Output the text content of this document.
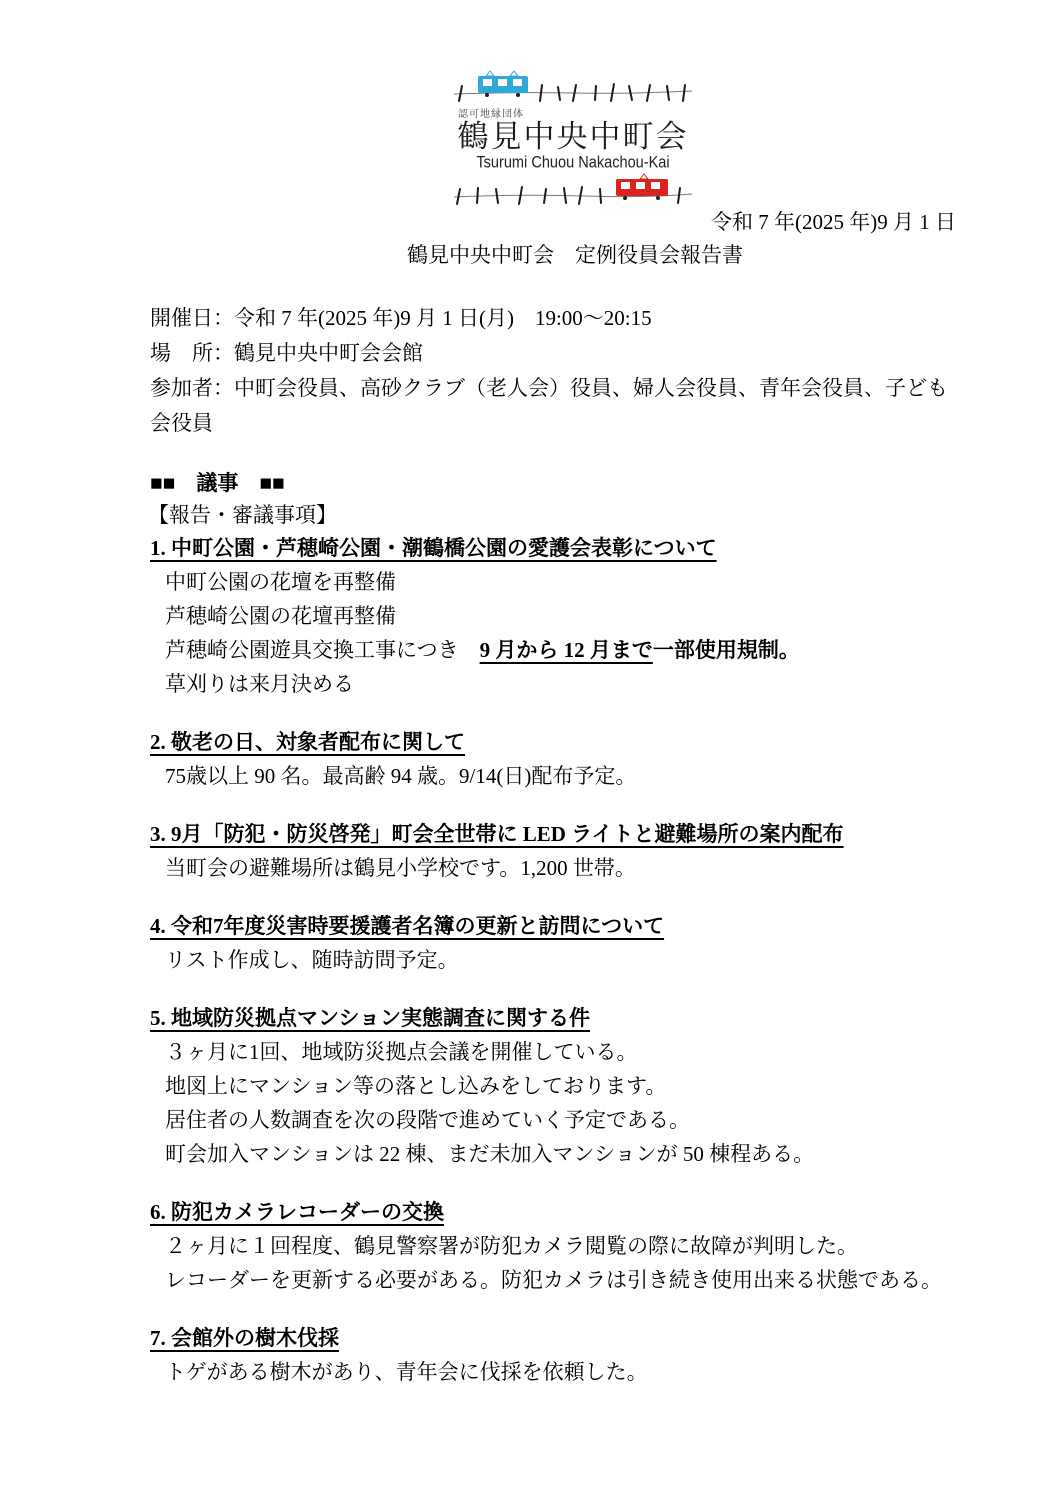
認可地縁団体
鶴見中央中町会
Tsurumi Chuou Nakachou-Kai
令和 7 年(2025 年)9 月 1 日
鶴見中央中町会　定例役員会報告書
開催日：令和 7 年(2025 年)9 月 1 日(月)　19:00～20:15
場　所：鶴見中央中町会会館
参加者：中町会役員、高砂クラブ（老人会）役員、婦人会役員、青年会役員、子ども会役員
■■　議事　■■
【報告・審議事項】
1. 中町公園・芦穂崎公園・潮鶴橋公園の愛護会表彰について
中町公園の花壇を再整備
芦穂崎公園の花壇再整備
芦穂崎公園遊具交換工事につき　9 月から 12 月まで一部使用規制。
草刈りは来月決める
2. 敬老の日、対象者配布に関して
75歳以上 90 名。最高齢 94 歳。9/14(日)配布予定。
3. 9月「防犯・防災啓発」町会全世帯に LED ライトと避難場所の案内配布
当町会の避難場所は鶴見小学校です。1,200 世帯。
4. 令和7年度災害時要援護者名簿の更新と訪問について
リスト作成し、随時訪問予定。
5. 地域防災拠点マンション実態調査に関する件
３ヶ月に1回、地域防災拠点会議を開催している。
地図上にマンション等の落とし込みをしております。
居住者の人数調査を次の段階で進めていく予定である。
町会加入マンションは 22 棟、まだ未加入マンションが 50 棟程ある。
6. 防犯カメラレコーダーの交換
２ヶ月に１回程度、鶴見警察署が防犯カメラ閲覧の際に故障が判明した。
レコーダーを更新する必要がある。防犯カメラは引き続き使用出来る状態である。
7. 会館外の樹木伐採
トゲがある樹木があり、青年会に伐採を依頼した。
